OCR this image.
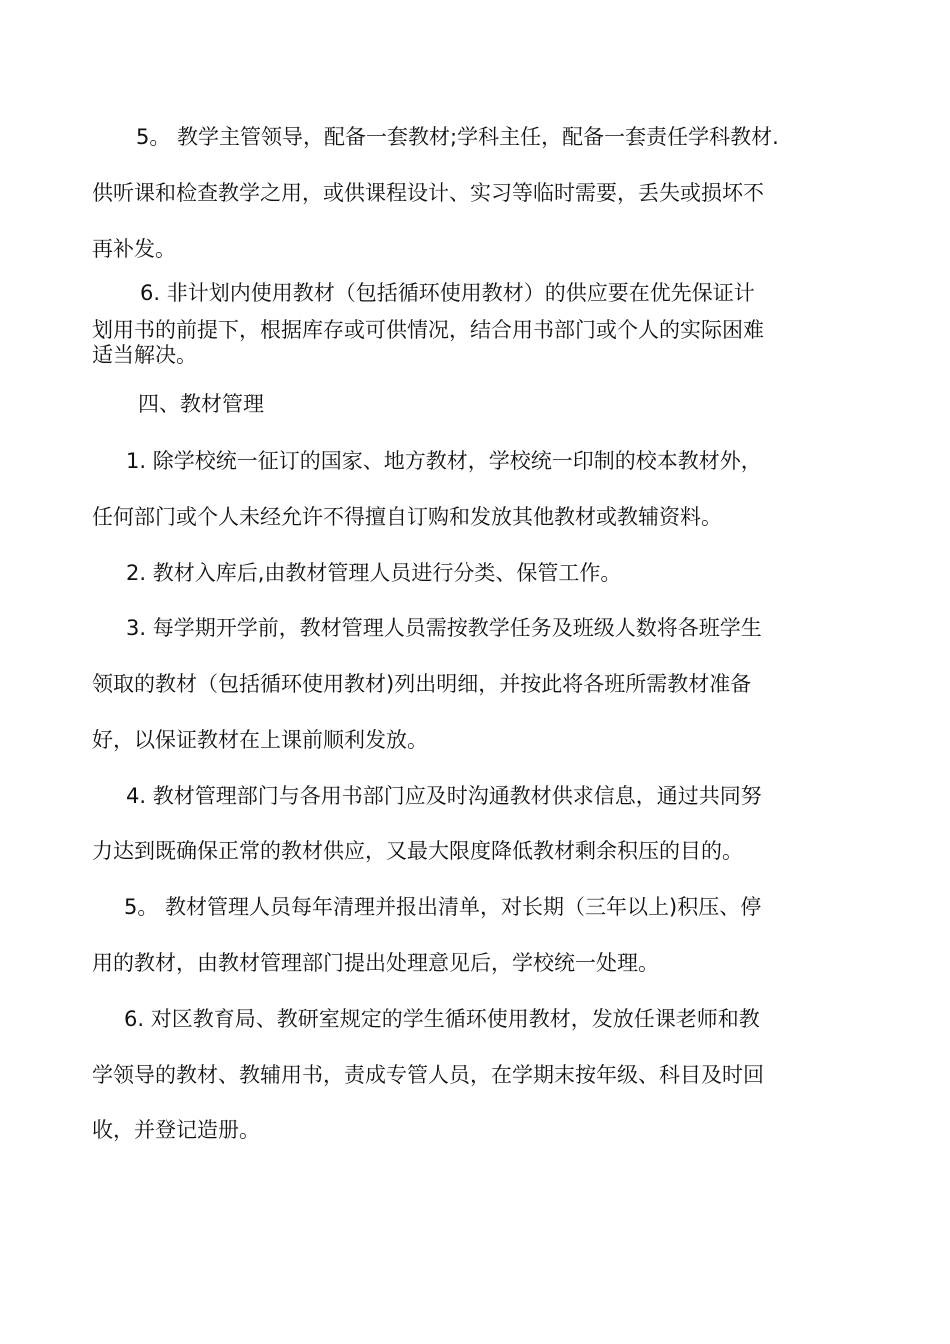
5。 教学主管领导，配备一套教材;学科主任，配备一套责任学科教材.
供听课和检查教学之用，或供课程设计、实习等临时需要，丢失或损坏不
再补发。
6. 非计划内使用教材（包括循环使用教材）的供应要在优先保证计
划用书的前提下，根据库存或可供情况，结合用书部门或个人的实际困难
适当解决。
四、教材管理
1. 除学校统一征订的国家、地方教材，学校统一印制的校本教材外，
任何部门或个人未经允许不得擅自订购和发放其他教材或教辅资料。
2. 教材入库后,由教材管理人员进行分类、保管工作。
3. 每学期开学前，教材管理人员需按教学任务及班级人数将各班学生
领取的教材（包括循环使用教材)列出明细，并按此将各班所需教材准备
好，以保证教材在上课前顺利发放。
4. 教材管理部门与各用书部门应及时沟通教材供求信息，通过共同努
力达到既确保正常的教材供应，又最大限度降低教材剩余积压的目的。
5。 教材管理人员每年清理并报出清单，对长期（三年以上)积压、停
用的教材，由教材管理部门提出处理意见后，学校统一处理。
6. 对区教育局、教研室规定的学生循环使用教材，发放任课老师和教
学领导的教材、教辅用书，责成专管人员，在学期末按年级、科目及时回
收，并登记造册。
